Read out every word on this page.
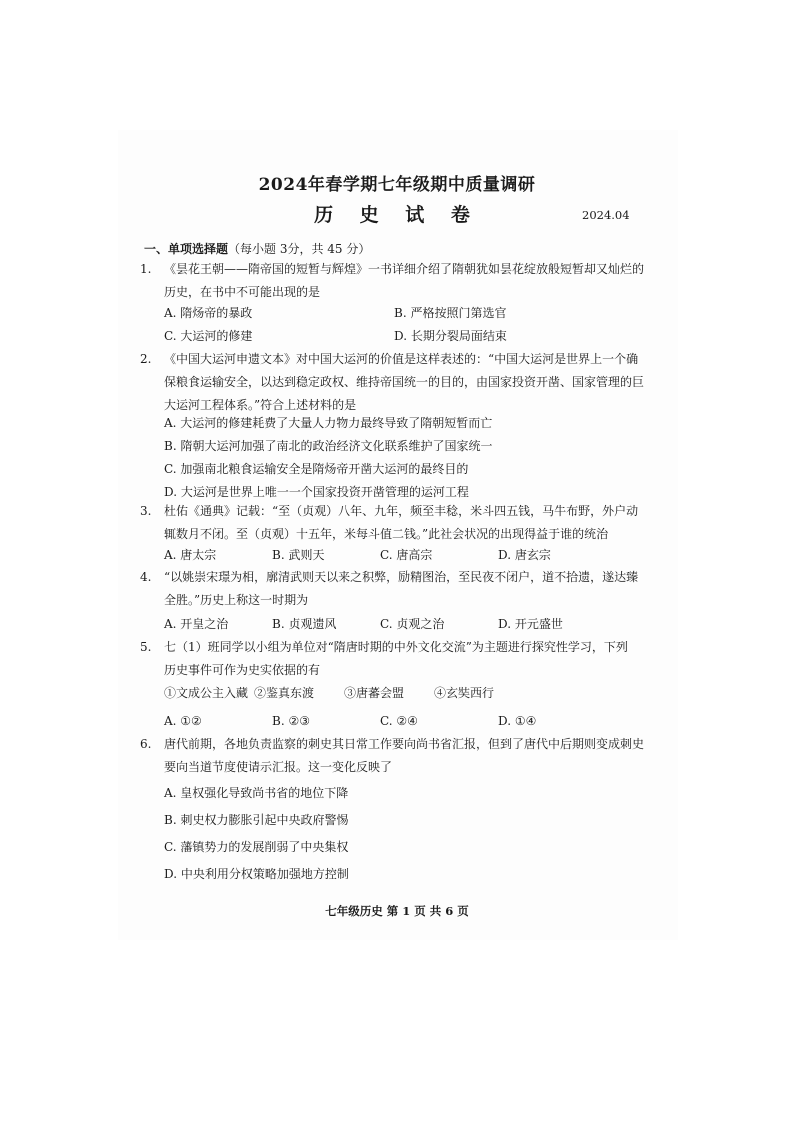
2024年春学期七年级期中质量调研
历 史 试 卷	2024.04
一、单项选择题（每小题 3分，共 45 分）
1.	《昙花王朝——隋帝国的短暂与辉煌》一书详细介绍了隋朝犹如昙花绽放般短暂却又灿烂的
历史，在书中不可能出现的是
A. 隋炀帝的暴政	B. 严格按照门第选官
C. 大运河的修建	D. 长期分裂局面结束
2.	《中国大运河申遗文本》对中国大运河的价值是这样表述的：“中国大运河是世界上一个确
保粮食运输安全，以达到稳定政权、维持帝国统一的目的，由国家投资开凿、国家管理的巨
大运河工程体系。”符合上述材料的是
A. 大运河的修建耗费了大量人力物力最终导致了隋朝短暂而亡
B. 隋朝大运河加强了南北的政治经济文化联系维护了国家统一
C. 加强南北粮食运输安全是隋炀帝开凿大运河的最终目的
D. 大运河是世界上唯一一个国家投资开凿管理的运河工程
3.	杜佑《通典》记载：“至（贞观）八年、九年，频至丰稔，米斗四五钱，马牛布野，外户动
辄数月不闭。至（贞观）十五年，米每斗值二钱。”此社会状况的出现得益于谁的统治
A. 唐太宗	B. 武则天	C. 唐高宗	D. 唐玄宗
4.	“以姚崇宋璟为相，廓清武则天以来之积弊，励精图治，至民夜不闭户，道不拾遗，遂达臻
全胜。”历史上称这一时期为
A. 开皇之治	B. 贞观遗风	C. 贞观之治	D. 开元盛世
5.	七（1）班同学以小组为单位对“隋唐时期的中外文化交流”为主题进行探究性学习，下列
历史事件可作为史实依据的有
①文成公主入藏 ②鉴真东渡 ③唐蕃会盟 ④玄奘西行
A. ①②	B. ②③	C. ②④	D. ①④
6.	唐代前期，各地负责监察的刺史其日常工作要向尚书省汇报，但到了唐代中后期则变成刺史
要向当道节度使请示汇报。这一变化反映了
A. 皇权强化导致尚书省的地位下降
B. 刺史权力膨胀引起中央政府警惕
C. 藩镇势力的发展削弱了中央集权
D. 中央利用分权策略加强地方控制
七年级历史 第 1 页 共 6 页
